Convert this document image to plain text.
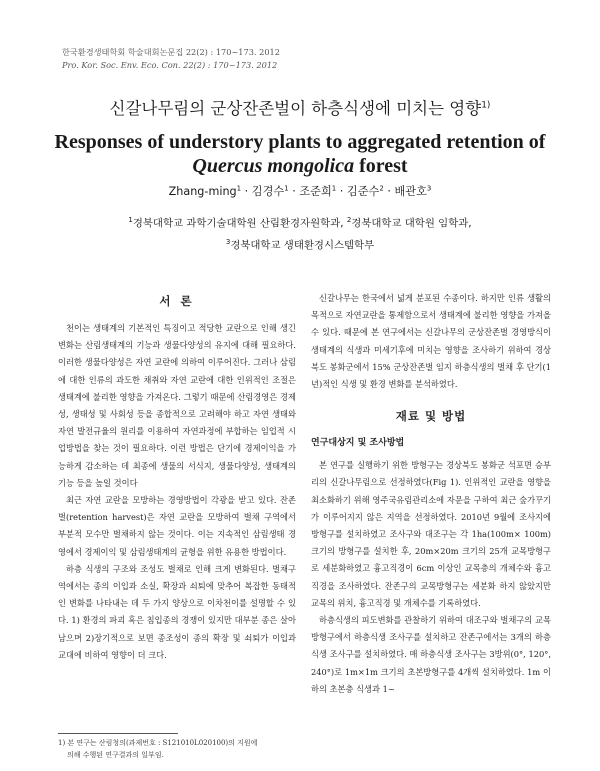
한국환경생태학회 학술대회논문집 22(2) : 170~173. 2012
Pro. Kor. Soc. Env. Eco. Con. 22(2) : 170~173. 2012
신갈나무림의 군상잔존벌이 하층식생에 미치는 영향$^{1)}$
Responses of understory plants to aggregated retention of
Quercus mongolica forest
Zhang-ming$^1$ · 김경수$^1$ · 조준희$^1$ · 김준수$^2$ · 배관호$^3$
$^1$경북대학교 과학기술대학원 산림환경자원학과, $^2$경북대학교 대학원 임학과,
$^3$경북대학교 생태환경시스템학부
서 론

천이는 생태계의 기본적인 특징이고 적당한 교란으로 인해 생긴 변화는 산림생태계의 기능과 생물다양성의 유지에 대해 필요하다. 이러한 생물다양성은 자연 교란에 의하여 이루어진다. 그러나 삼림에 대한 인류의 과도한 채취와 자연 교란에 대한 인위적인 조절은 생태계에 불리한 영향을 가져온다. 그렇기 때문에 산림경영은 경제성, 생태성 및 사회성 등을 종합적으로 고려해야 하고 자연 생태와 자연 발전규율의 원리를 이용하여 자연과정에 부합하는 임업적 시업방법을 찾는 것이 필요하다. 이런 방법은 단기에 경제이익을 가능하게 감소하는 데 최종에 생물의 서식지, 생물다양성, 생태계의 기능 등을 높일 것이다

최근 자연 교란을 모방하는 경영방법이 각광을 받고 있다. 잔존벌(retention harvest)은 자연 교란을 모방하여 벌채 구역에서 부분적 모수만 벌채하지 않는 것이다. 이는 지속적인 삼림생태 경영에서 경제이익 및 삼림생태계의 균형을 위한 유용한 방법이다.

하층 식생의 구조와 조성도 벌채로 인해 크게 변화된다. 벌채구역에서는 종의 이입과 소실, 확장과 쇠퇴에 맞추어 복잡한 동태적인 변화를 나타내는 데 두 가지 양상으로 이차천이를 설명할 수 있다. 1) 환경의 파괴 혹은 침입종의 경쟁이 있지만 대부분 종은 살아남으며 2)장기적으로 보면 종조성이 종의 확장 및 쇠퇴가 이입과 교대에 비하여 영향이 더 크다.

신갈나무는 한국에서 넓게 분포된 수종이다. 하지만 인류 생활의 목적으로 자연교란을 통제함으로서 생태계에 불리한 영향을 가져올 수 있다. 때문에 본 연구에서는 신갈나무의 군상잔존벌 경영방식이 생태계의 식생과 미세기후에 미치는 영향을 조사하기 위하여 경상북도 봉화군에서 15% 군상잔존벌 임지 하층식생의 벌채 후 단기(1년)적인 식생 및 환경 변화를 분석하였다.

재료 및 방법
연구대상지 및 조사방법

본 연구를 실행하기 위한 방형구는 경상북도 봉화군 석포면 승부리의 신갈나무림으로 선정하였다(Fig 1). 인위적인 교란을 영향을 최소화하기 위해 영주국유림관리소에 자문을 구하여 최근 숲가꾸기가 이루어지지 않은 지역을 선정하였다. 2010년 9월에 조사지에 방형구를 설치하였고 조사구와 대조구는 각 1ha(100m× 100m) 크기의 방형구를 설치한 후, 20m×20m 크기의 25개 교목방형구로 세분화하였고 흉고직경이 6cm 이상인 교목층의 개체수와 흉고직경을 조사하였다. 잔존구의 교목방형구는 세분화 하지 않았지만 교목의 위치, 흉고직경 및 개체수를 기록하였다.

하층식생의 피도변화를 관찰하기 위하여 대조구와 벌채구의 교목방형구에서 하층식생 조사구를 설치하고 잔존구에서는 3개의 하층식생 조사구를 설치하였다. 매 하층식생 조사구는 3방위(0°, 120°, 240°)로 1m×1m 크기의 초본방형구를 4개씩 설치하였다. 1m 이하의 초본층 식생과 1~

1) 본 연구는 산림청의(과제번호 : S121010L020100)의 지원에
의해 수행된 연구결과의 일부임.
